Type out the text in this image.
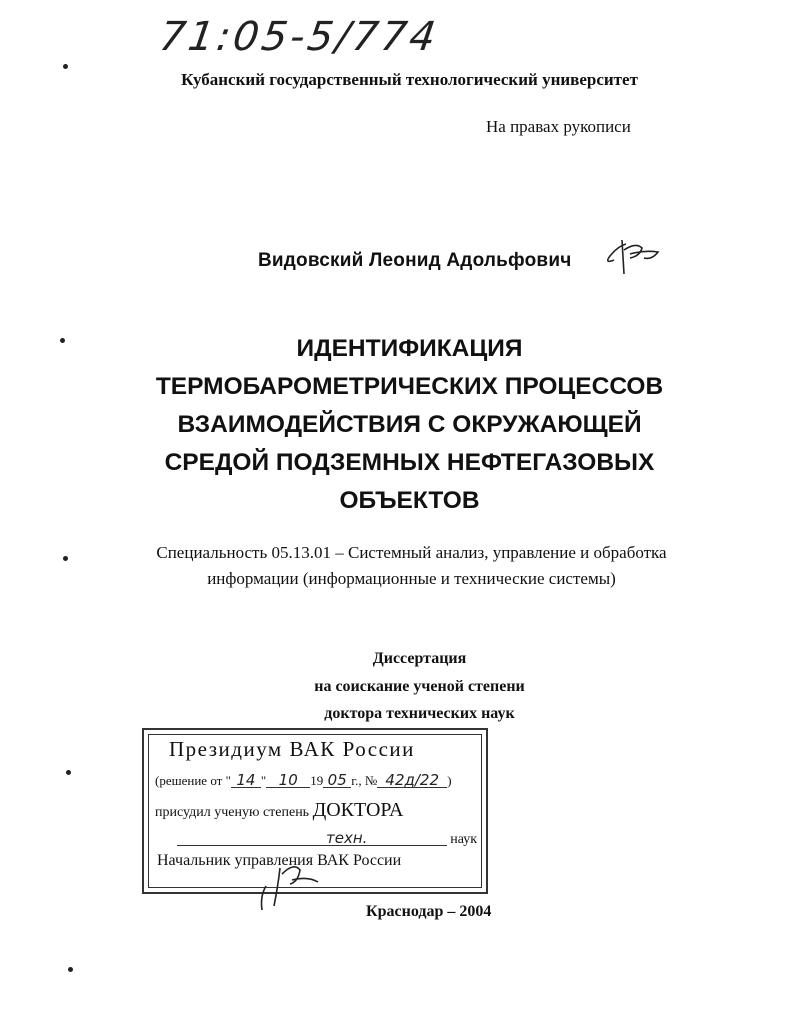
71:05-5/774
Кубанский государственный технологический университет
На правах рукописи
Видовский Леонид Адольфович
ИДЕНТИФИКАЦИЯ
ТЕРМОБАРОМЕТРИЧЕСКИХ ПРОЦЕССОВ
ВЗАИМОДЕЙСТВИЯ С ОКРУЖАЮЩЕЙ
СРЕДОЙ ПОДЗЕМНЫХ НЕФТЕГАЗОВЫХ
ОБЪЕКТОВ
Специальность 05.13.01 – Системный анализ, управление и обработка
информации (информационные и технические системы)
Диссертация
на соискание ученой степени
доктора технических наук
Президиум ВАК России
(решение от " 14 " 10 19 05 г., № 42д/22 )
присудил ученую степень ДОКТОРА
техн.	наук
Начальник управления ВАК России
Краснодар – 2004
